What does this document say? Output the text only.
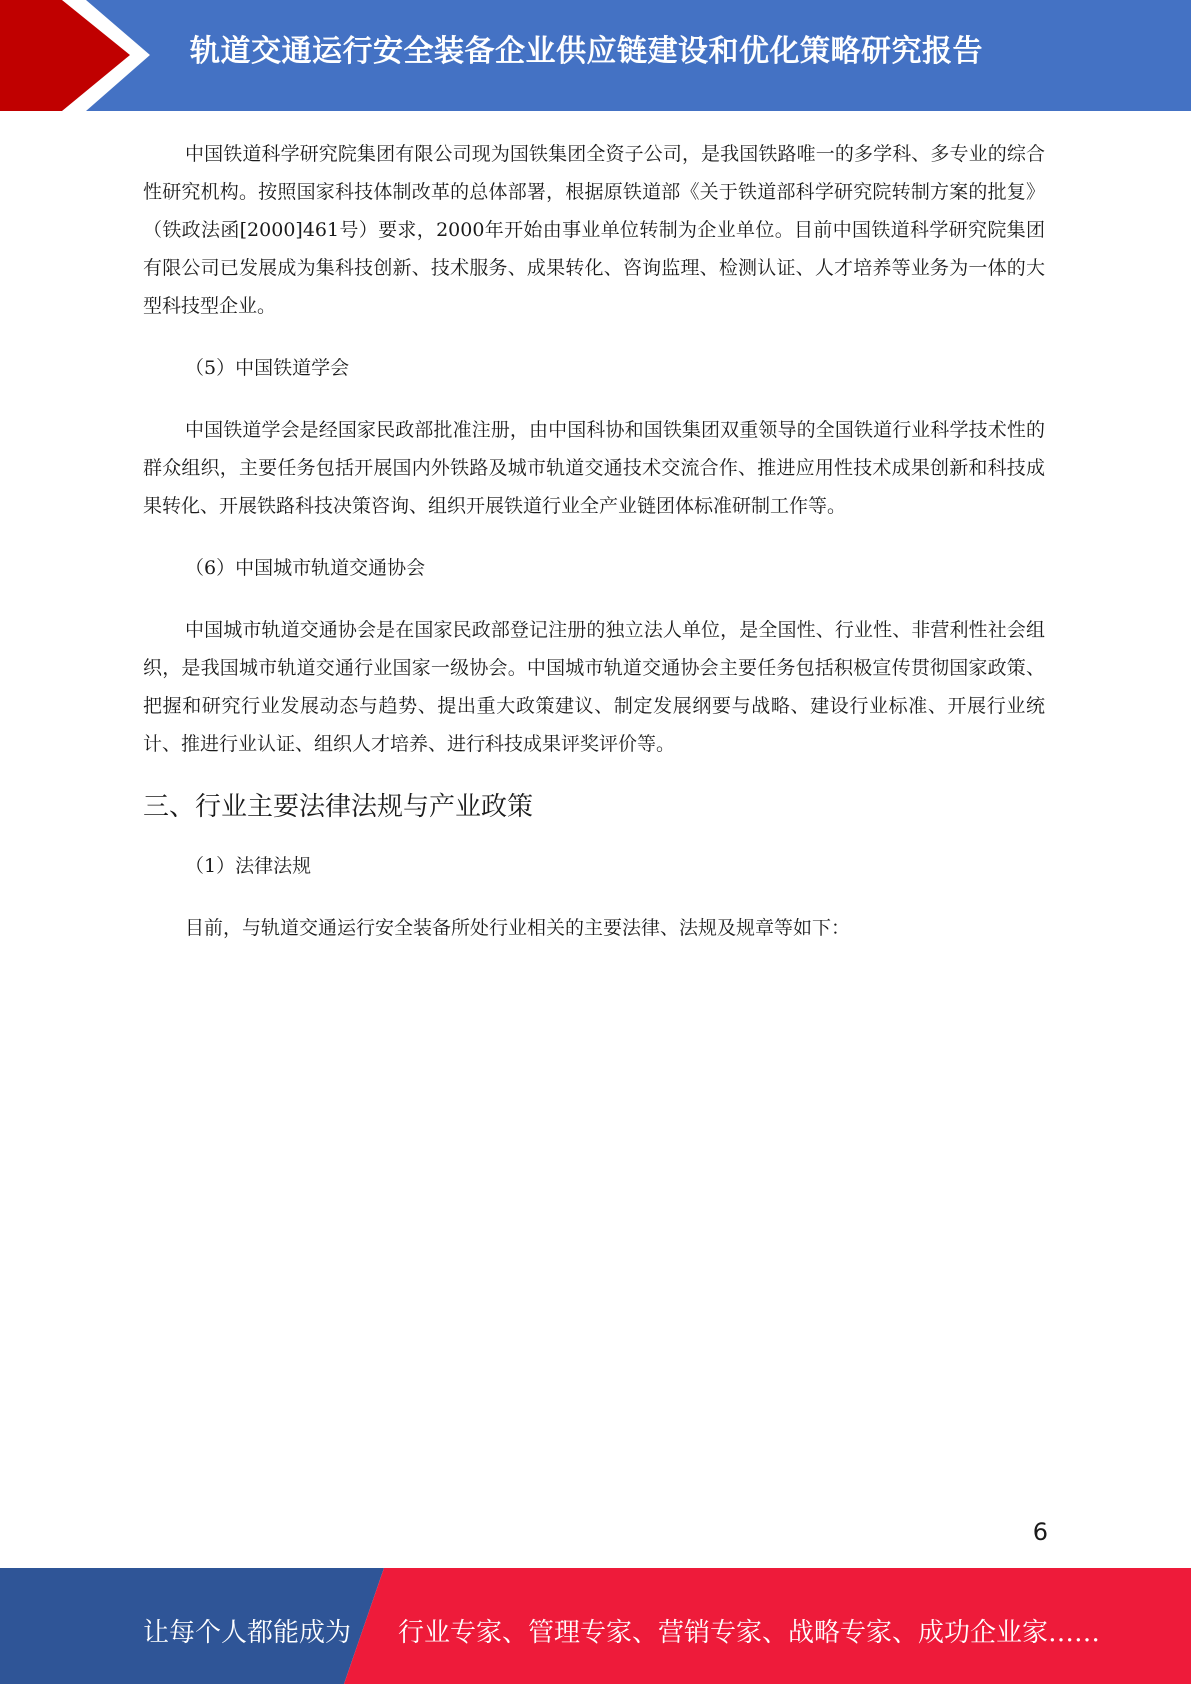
轨道交通运行安全装备企业供应链建设和优化策略研究报告

中国铁道科学研究院集团有限公司现为国铁集团全资子公司，是我国铁路唯一的多学科、多专业的综合性研究机构。按照国家科技体制改革的总体部署，根据原铁道部《关于铁道部科学研究院转制方案的批复》（铁政法函[2000]461号）要求，2000年开始由事业单位转制为企业单位。目前中国铁道科学研究院集团有限公司已发展成为集科技创新、技术服务、成果转化、咨询监理、检测认证、人才培养等业务为一体的大型科技型企业。

（5）中国铁道学会

中国铁道学会是经国家民政部批准注册，由中国科协和国铁集团双重领导的全国铁道行业科学技术性的群众组织，主要任务包括开展国内外铁路及城市轨道交通技术交流合作、推进应用性技术成果创新和科技成果转化、开展铁路科技决策咨询、组织开展铁道行业全产业链团体标准研制工作等。

（6）中国城市轨道交通协会

中国城市轨道交通协会是在国家民政部登记注册的独立法人单位，是全国性、行业性、非营利性社会组织，是我国城市轨道交通行业国家一级协会。中国城市轨道交通协会主要任务包括积极宣传贯彻国家政策、把握和研究行业发展动态与趋势、提出重大政策建议、制定发展纲要与战略、建设行业标准、开展行业统计、推进行业认证、组织人才培养、进行科技成果评奖评价等。

三、行业主要法律法规与产业政策

（1）法律法规

目前，与轨道交通运行安全装备所处行业相关的主要法律、法规及规章等如下：

6
让每个人都能成为 行业专家、管理专家、营销专家、战略专家、成功企业家……
